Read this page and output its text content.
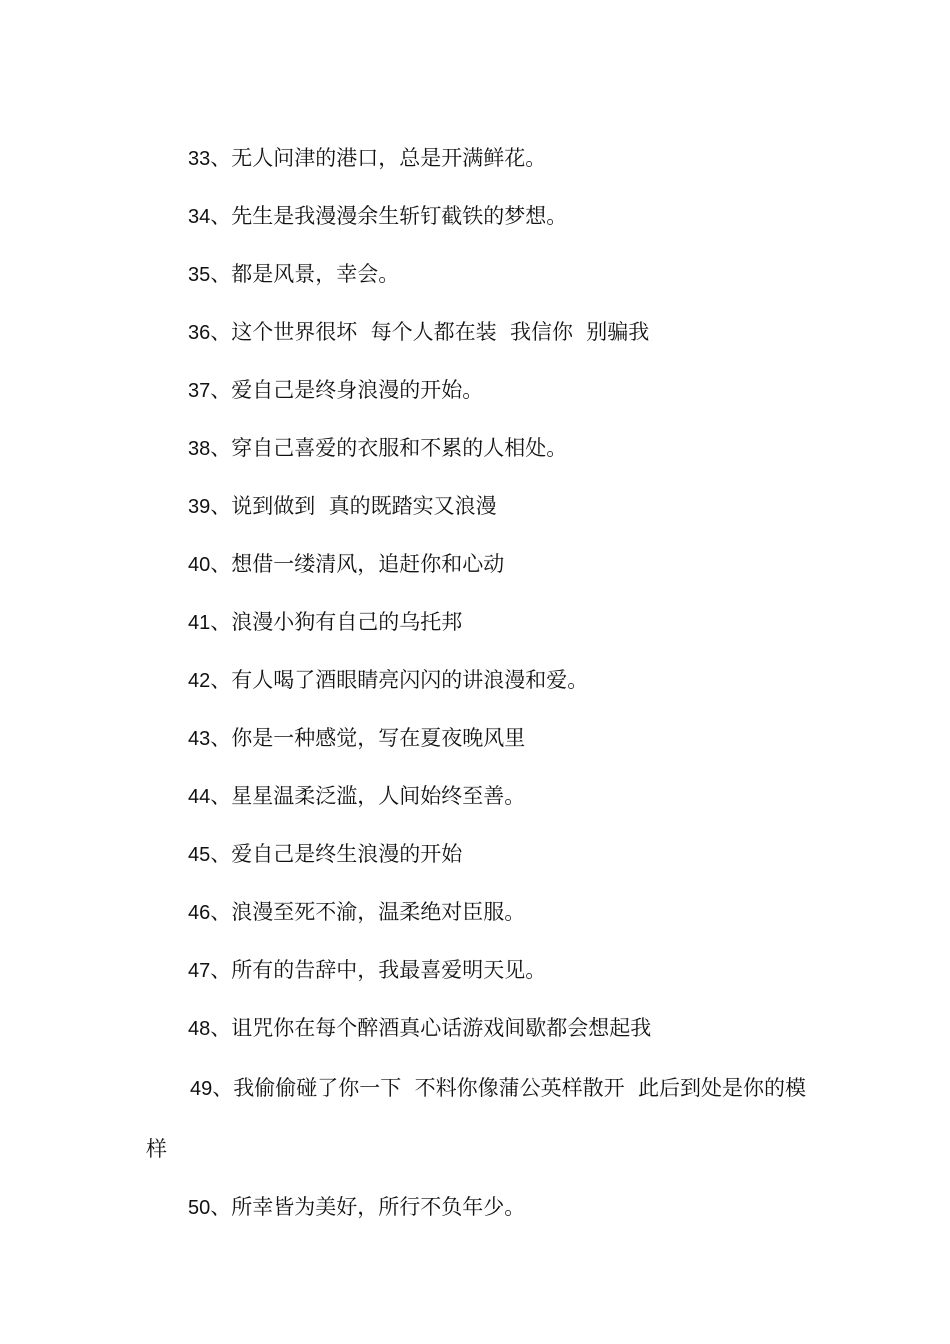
33、无人问津的港口，总是开满鲜花。

34、先生是我漫漫余生斩钉截铁的梦想。

35、都是风景，幸会。

36、这个世界很坏  每个人都在装  我信你  别骗我

37、爱自己是终身浪漫的开始。

38、穿自己喜爱的衣服和不累的人相处。

39、说到做到  真的既踏实又浪漫

40、想借一缕清风，追赶你和心动

41、浪漫小狗有自己的乌托邦

42、有人喝了酒眼睛亮闪闪的讲浪漫和爱。

43、你是一种感觉，写在夏夜晚风里

44、星星温柔泛滥，人间始终至善。

45、爱自己是终生浪漫的开始

46、浪漫至死不渝，温柔绝对臣服。

47、所有的告辞中，我最喜爱明天见。

48、诅咒你在每个醉酒真心话游戏间歇都会想起我

49、我偷偷碰了你一下  不料你像蒲公英样散开  此后到处是你的模样

50、所幸皆为美好，所行不负年少。
